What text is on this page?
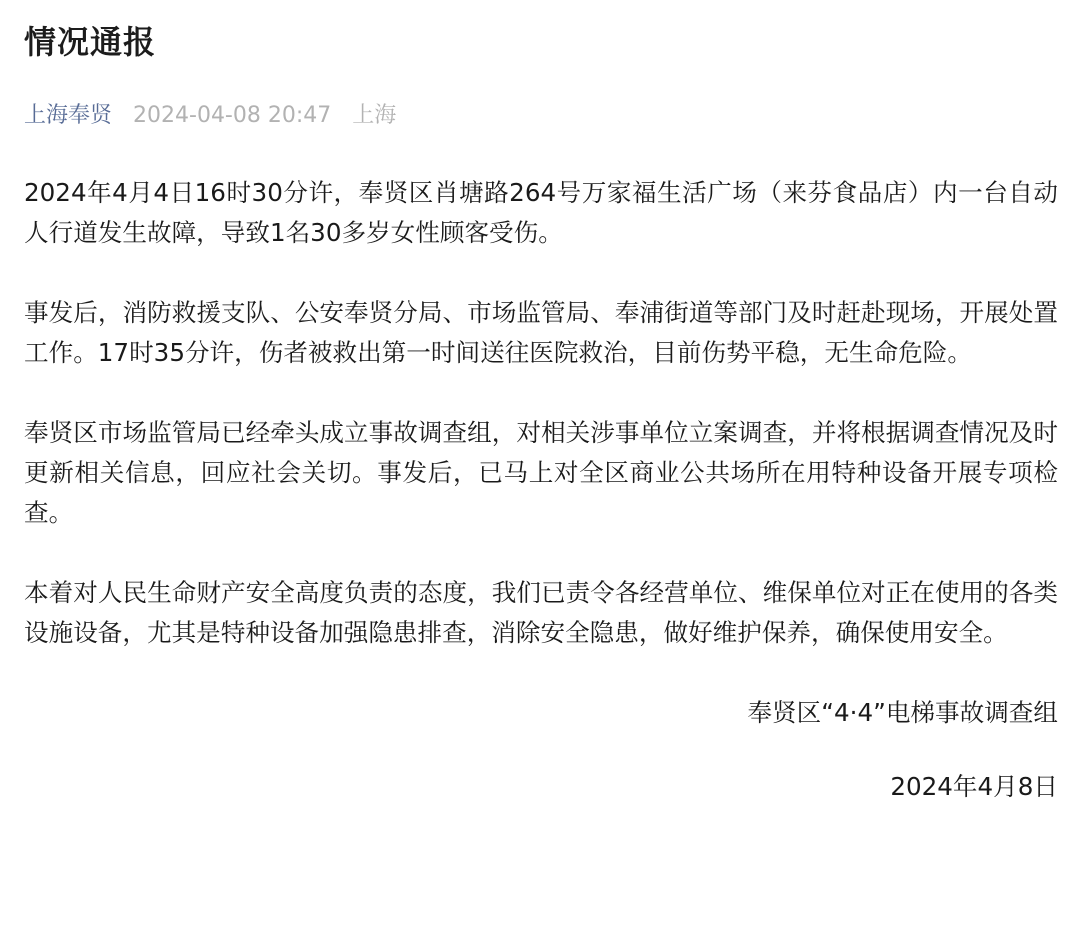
情况通报
上海奉贤 2024-04-08 20:47 上海

2024年4月4日16时30分许，奉贤区肖塘路264号万家福生活广场（来芬食品店）内一台自动人行道发生故障，导致1名30多岁女性顾客受伤。

事发后，消防救援支队、公安奉贤分局、市场监管局、奉浦街道等部门及时赶赴现场，开展处置工作。17时35分许，伤者被救出第一时间送往医院救治，目前伤势平稳，无生命危险。

奉贤区市场监管局已经牵头成立事故调查组，对相关涉事单位立案调查，并将根据调查情况及时更新相关信息，回应社会关切。事发后，已马上对全区商业公共场所在用特种设备开展专项检查。

本着对人民生命财产安全高度负责的态度，我们已责令各经营单位、维保单位对正在使用的各类设施设备，尤其是特种设备加强隐患排查，消除安全隐患，做好维护保养，确保使用安全。

奉贤区“4·4”电梯事故调查组

2024年4月8日
